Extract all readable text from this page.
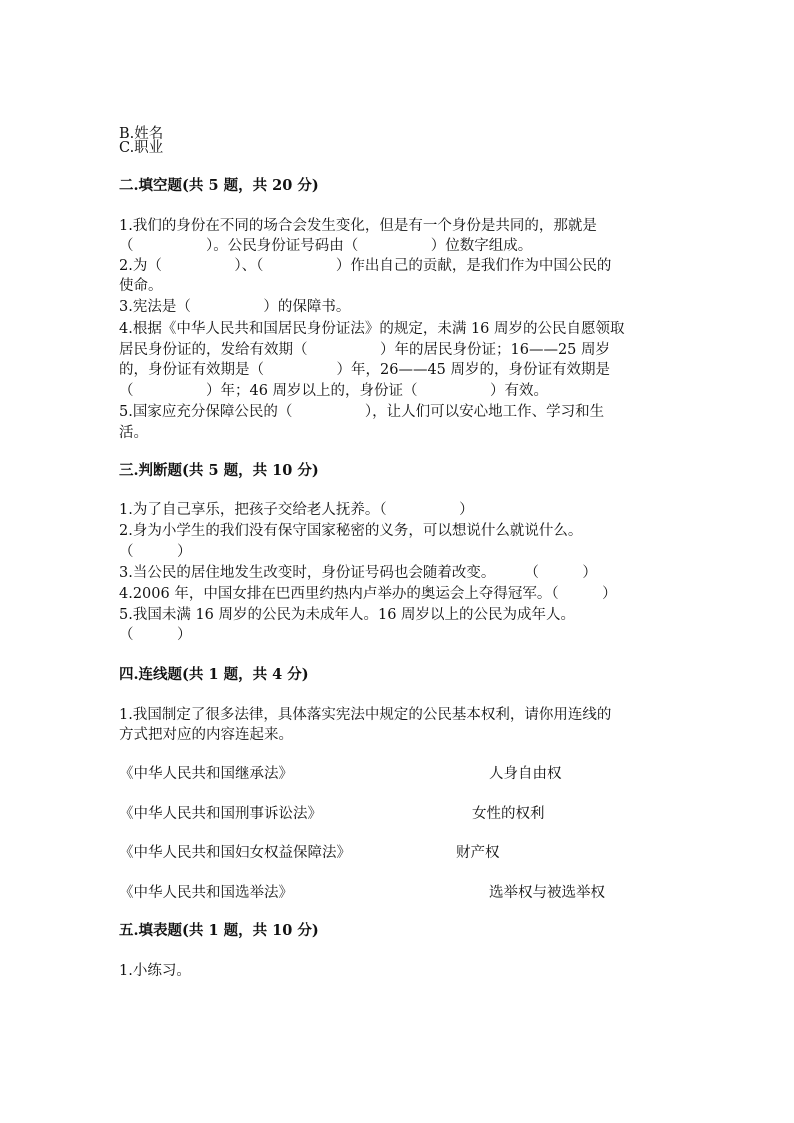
B.姓名
C.职业
二.填空题(共 5 题，共 20 分)
1.我们的身份在不同的场合会发生变化，但是有一个身份是共同的，那就是
（　　　　　）。公民身份证号码由（　　　　　）位数字组成。
2.为（　　　　　）、（　　　　　）作出自己的贡献，是我们作为中国公民的
使命。
3.宪法是（　　　　　）的保障书。
4.根据《中华人民共和国居民身份证法》的规定，未满 16 周岁的公民自愿领取
居民身份证的，发给有效期（　　　　　）年的居民身份证；16——25 周岁
的，身份证有效期是（　　　　　）年，26——45 周岁的，身份证有效期是
（　　　　　）年；46 周岁以上的，身份证（　　　　　）有效。
5.国家应充分保障公民的（　　　　　），让人们可以安心地工作、学习和生
活。
三.判断题(共 5 题，共 10 分)
1.为了自己享乐，把孩子交给老人抚养。（　　　　　）
2.身为小学生的我们没有保守国家秘密的义务，可以想说什么就说什么。
（　　　）
3.当公民的居住地发生改变时，身份证号码也会随着改变。　　　（　　　）
4.2006 年，中国女排在巴西里约热内卢举办的奥运会上夺得冠军。（　　　）
5.我国未满 16 周岁的公民为未成年人。16 周岁以上的公民为成年人。
（　　　）
四.连线题(共 1 题，共 4 分)
1.我国制定了很多法律，具体落实宪法中规定的公民基本权利，请你用连线的
方式把对应的内容连起来。
《中华人民共和国继承法》	人身自由权
《中华人民共和国刑事诉讼法》	女性的权利
《中华人民共和国妇女权益保障法》	财产权
《中华人民共和国选举法》	选举权与被选举权
五.填表题(共 1 题，共 10 分)
1.小练习。
